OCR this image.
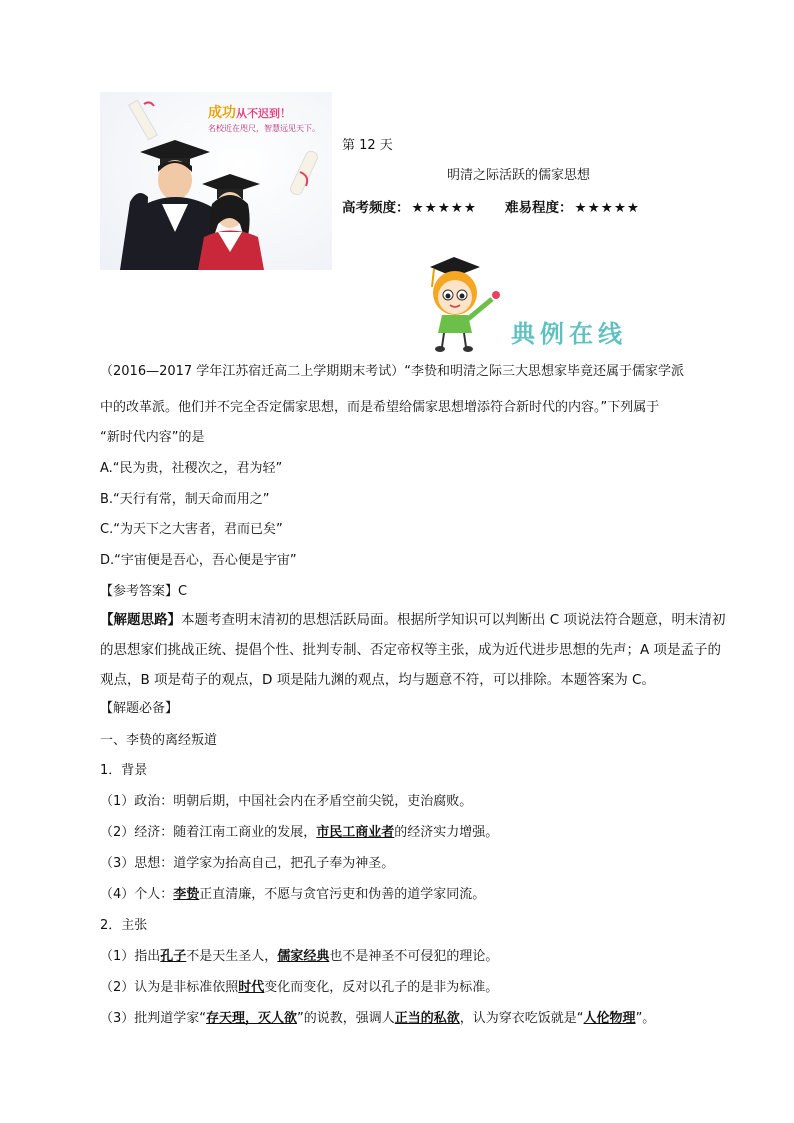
成功从不迟到！
名校近在咫尺，智慧远见天下。
第 12 天
明清之际活跃的儒家思想
高考频度： ★★★★★ 难易程度： ★★★★★
典例在线
（2016—2017 学年江苏宿迁高二上学期期末考试）“李贽和明清之际三大思想家毕竟还属于儒家学派
中的改革派。他们并不完全否定儒家思想，而是希望给儒家思想增添符合新时代的内容。”下列属于
“新时代内容”的是
A.“民为贵，社稷次之，君为轻”
B.“天行有常，制天命而用之”
C.“为天下之大害者，君而已矣”
D.“宇宙便是吾心，吾心便是宇宙”
【参考答案】C
【解题思路】本题考查明末清初的思想活跃局面。根据所学知识可以判断出 C 项说法符合题意，明末清初
的思想家们挑战正统、提倡个性、批判专制、否定帝权等主张，成为近代进步思想的先声；A 项是孟子的
观点，B 项是荀子的观点，D 项是陆九渊的观点，均与题意不符，可以排除。本题答案为 C。
【解题必备】
一、李贽的离经叛道
1．背景
（1）政治：明朝后期，中国社会内在矛盾空前尖锐，吏治腐败。
（2）经济：随着江南工商业的发展，市民工商业者的经济实力增强。
（3）思想：道学家为抬高自己，把孔子奉为神圣。
（4）个人：李贽正直清廉，不愿与贪官污吏和伪善的道学家同流。
2．主张
（1）指出孔子不是天生圣人，儒家经典也不是神圣不可侵犯的理论。
（2）认为是非标准依照时代变化而变化，反对以孔子的是非为标准。
（3）批判道学家“存天理，灭人欲”的说教，强调人正当的私欲，认为穿衣吃饭就是“人伦物理”。
